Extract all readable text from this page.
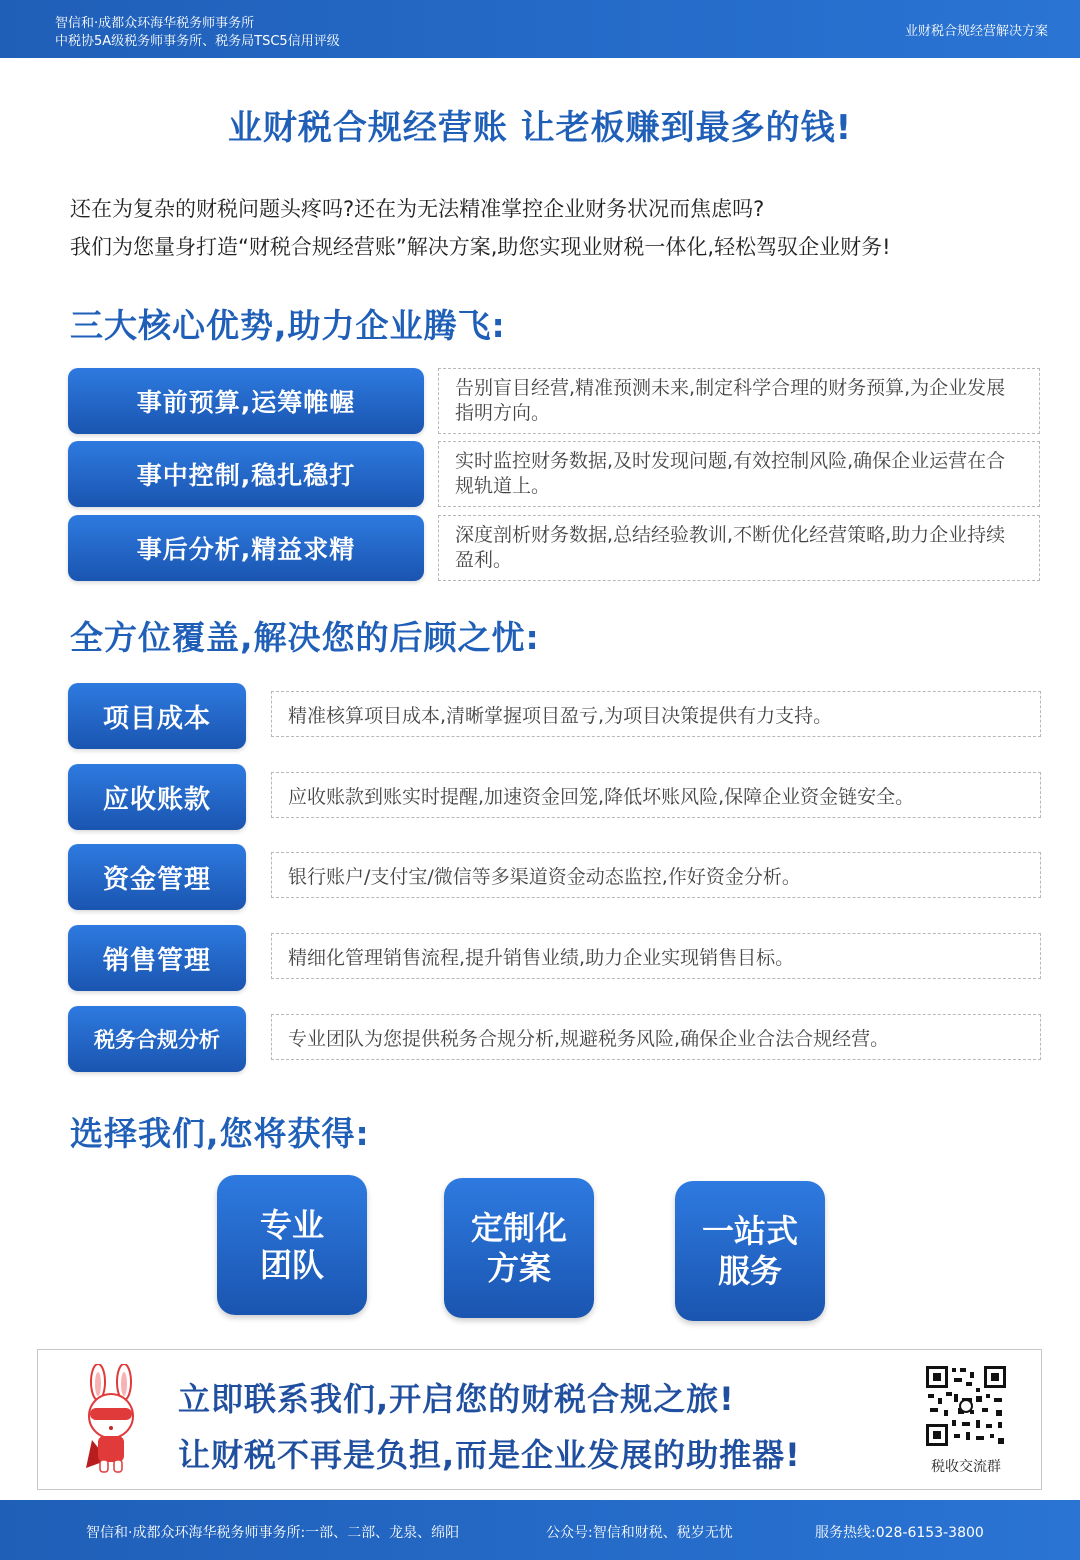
智信和·成都众环海华税务师事务所
中税协5A级税务师事务所、税务局TSC5信用评级
业财税合规经营解决方案
业财税合规经营账 让老板赚到最多的钱!
还在为复杂的财税问题头疼吗?还在为无法精准掌控企业财务状况而焦虑吗?
我们为您量身打造“财税合规经营账”解决方案,助您实现业财税一体化,轻松驾驭企业财务!
三大核心优势,助力企业腾飞:
事前预算,运筹帷幄	告别盲目经营,精准预测未来,制定科学合理的财务预算,为企业发展指明方向。
事中控制,稳扎稳打	实时监控财务数据,及时发现问题,有效控制风险,确保企业运营在合规轨道上。
事后分析,精益求精	深度剖析财务数据,总结经验教训,不断优化经营策略,助力企业持续盈利。
全方位覆盖,解决您的后顾之忧:
项目成本	精准核算项目成本,清晰掌握项目盈亏,为项目决策提供有力支持。
应收账款	应收账款到账实时提醒,加速资金回笼,降低坏账风险,保障企业资金链安全。
资金管理	银行账户/支付宝/微信等多渠道资金动态监控,作好资金分析。
销售管理	精细化管理销售流程,提升销售业绩,助力企业实现销售目标。
税务合规分析	专业团队为您提供税务合规分析,规避税务风险,确保企业合法合规经营。
选择我们,您将获得:
专业
团队
定制化
方案
一站式
服务
立即联系我们,开启您的财税合规之旅!
让财税不再是负担,而是企业发展的助推器!	税收交流群
智信和·成都众环海华税务师事务所:一部、二部、龙泉、绵阳	公众号:智信和财税、税岁无忧	服务热线:028-6153-3800
